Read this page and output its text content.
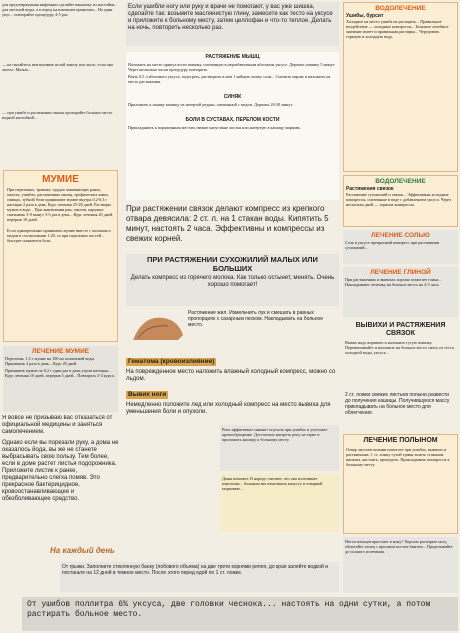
для предотвращения инфекции сделайте ванночку из настойки... для местной воды, а в перед наложением примочки... На один укус... повторяйте процедуру 4-5 раз.

— не пытайтесь вытаскивать иглой занозу или жало, если оно засело. Мазью...

— при ушибе и растяжении связок протирайте больное место водной настойкой...

МУМИЕ

При переломах, травмах, трудно заживающих ранах, ожогах, ушибах, растяжениях мышц, трофических язвах, свищах, зубной боли принимают мумие внутрь 0,2-0,3 г натощак 2 раза в день. Курс лечения 25-28 дней. Растворы мумие в воде... При заживлении ран, ожогов, наружно смазывать 3-9 минут 3-5 раз в день... Курс лечения 20 дней, перерыв 10 дней.

Если одновременно принимать мумие вместе с молоком и медом в соотношении 1:20, то при переломах костей... быстрее снижается боль.

ЛЕЧЕНИЕ МУМИЕ

Переломы. 1,5 г мумие на 100 мл кипяченой воды. Принимать 2 раза в день... Курс 20 дней.

Принимать мумие по 0,2 г один раз в день утром натощак... Курс лечения 10 дней, перерыв 5 дней... Повторять 3-4 курса.

Я вовсе не призываю вас отказаться от официальной медицины и заняться самолечением.

Однако если вы порезали руку, а дома не оказалось йода, вы же не станете выбрасывать свою пользу. Тем более, если в доме растет листья подорожника. Приложите листик к ранке, предварительно слегка помяв. Это прекрасное бактерицидное, кровоостанавливающее и обезболивающее средство.

Если ушибли ногу или руку и врачи не помогают, у вас уже шишка, сделайте так: возьмите маслянистую глину, замесите как тесто на уксусе и приложите к больному месту, затем целлофан и что-то теплое. Делать на ночь, повторить несколько раз.

РАСТЯЖЕНИЕ МЫШЦ

Наложить на место припухлости повязку, смоченную в неразбавленном яблочном уксусе. Держать повязку 5 минут. Через несколько часов процедуру повторить.

Взять 0,5 л яблочного уксуса, подогреть, растворить в нем 1 чайную ложку соли... Смочить марлю и наложить на место растяжения.

СИНЯК

Приложить к синяку кашицу из натертой редьки, смешанной с медом. Держать 20-30 минут.

БОЛИ В СУСТАВАХ, ПЕРЕЛОМ КОСТИ

Прикладывать к пораженным местам свежие капустные листья или натертую в кашицу морковь.

При растяжении связок делают компресс из крепкого отвара девясила: 2 ст. л. на 1 стакан воды. Кипятить 5 минут, настоять 2 часа. Эффективны и компрессы из свежих корней.

ПРИ РАСТЯЖЕНИИ СУХОЖИЛИЙ МАЛЫХ ИЛИ БОЛЬШИХ

Делать компресс из горячего молока. Как только остынет, менять. Очень хорошо помогает!

Растяжение жил. Измельчить лук и смешать в равных пропорциях с сахарным песком. Накладывать на больное место.

Гематома (кровоизлияние)

На поврежденное место наложить влажный холодный компресс, можно со льдом.

Вывих ноги

Немедленно положите лед или холодный компресс на место вывиха для уменьшения боли и опухоли.

Репа эффективно снимает опухоль при ушибах и улучшает кровообращение. Достаточно натереть репу на терке и приложить кашицу к больному месту.

Дыня поможет. В народе считают, что она излечивает переломы... больным мы измельчать капусту и отварной морковью...

На каждый день

От грыжи. Заполните стеклянную банку (лобового объема) на две трети корнями репея, до края залейте водкой и постаньте на 12 дней в темное место. После этого перед едой по 1 ст. ложке.

ВОДОЛЕЧЕНИЕ
Ушибы, бурсит

Холодное на место ушиба не растирать... Правильное воздействие — холодные компрессы... Большое лечебное значение имеет и правильная растирка... Чередовать горячую и холодную воду.

ВОДОЛЕЧЕНИЕ
Растяжения связок

Растяжение сухожилий и связок... Эффективны холодные компрессы, смоченные в воде с добавлением уксуса. Через несколько дней — горячие компрессы.

ЛЕЧЕНИЕ СОЛЬЮ

Соль в уксусе прекрасный компресс при растяжении сухожилий...

ЛЕЧЕНИЕ ГЛИНОЙ

При растяжениях и вывихах хорошо помогает глина... Накладывают лепешку на больное место на 2-3 часа.

ВЫВИХИ И РАСТЯЖЕНИЯ СВЯЗОК

Вывих надо вправить и наложить тугую повязку. Перемешивайте и наложите на больное место смесь из теста, холодной воды, уксуса...

2 ст. ложки свежих листьев полыни развести до получения кашицы. Получившуюся массу прикладывать на больное место для облегчения.

ЛЕЧЕНИЕ ПОЛЫНОМ

Отвар листьев полыни помогает при ушибах, вывихах и растяжениях. 1 ст. ложку сухой травы залить стаканом кипятка, настоять, процедить. Прикладывать компрессы к больному месту.

Ногти пальцев врастают в кожу? Хорошо распарьте ногу, обмотайте палец с вросшим ногтем бинтом... Проделывайте до полного излечения.

От ушибов поллитра 6% уксуса, две головки чеснока... настоять на одни сутки, а потом растирать больное место.
